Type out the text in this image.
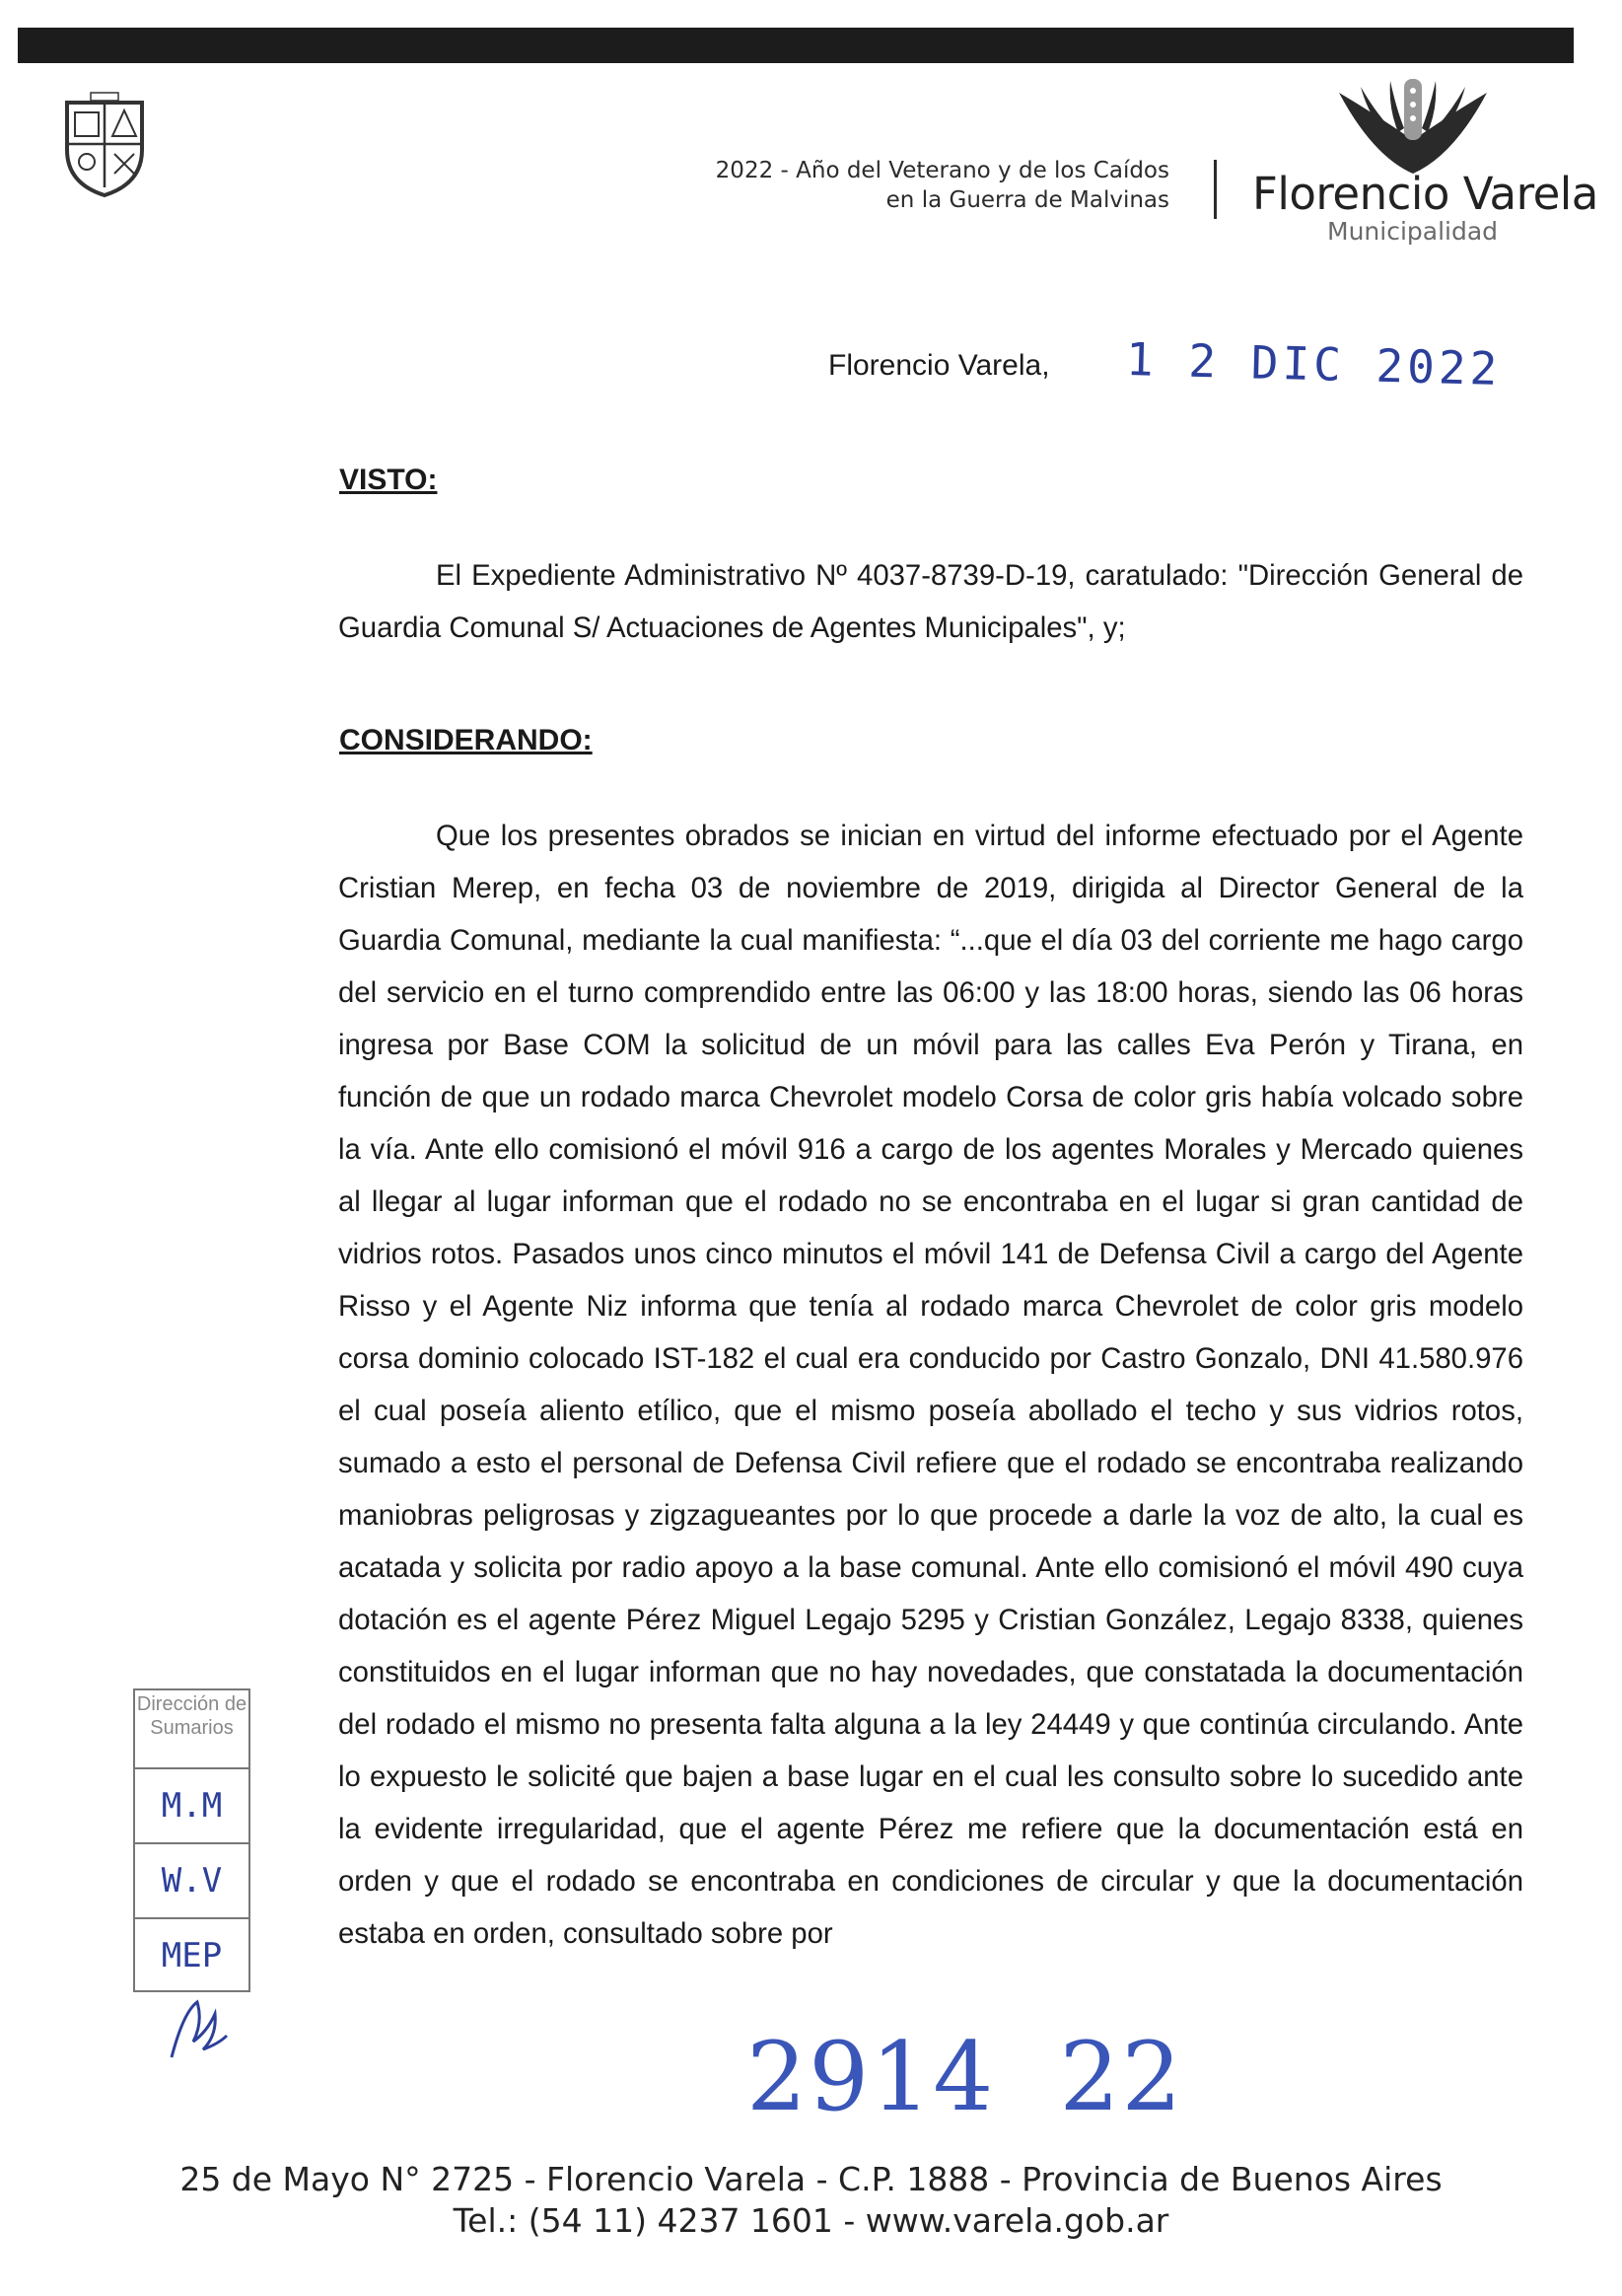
2022 - Año del Veterano y de los Caídos
en la Guerra de Malvinas Florencio Varela
Municipalidad
Florencio Varela, 1 2 DIC 2022
VISTO:

El Expediente Administrativo Nº 4037-8739-D-19, caratulado: "Dirección General de Guardia Comunal S/ Actuaciones de Agentes Municipales", y;

CONSIDERANDO:

Que los presentes obrados se inician en virtud del informe efectuado por el Agente Cristian Merep, en fecha 03 de noviembre de 2019, dirigida al Director General de la Guardia Comunal, mediante la cual manifiesta: “...que el día 03 del corriente me hago cargo del servicio en el turno comprendido entre las 06:00 y las 18:00 horas, siendo las 06 horas ingresa por Base COM la solicitud de un móvil para las calles Eva Perón y Tirana, en función de que un rodado marca Chevrolet modelo Corsa de color gris había volcado sobre la vía. Ante ello comisionó el móvil 916 a cargo de los agentes Morales y Mercado quienes al llegar al lugar informan que el rodado no se encontraba en el lugar si gran cantidad de vidrios rotos. Pasados unos cinco minutos el móvil 141 de Defensa Civil a cargo del Agente Risso y el Agente Niz informa que tenía al rodado marca Chevrolet de color gris modelo corsa dominio colocado IST-182 el cual era conducido por Castro Gonzalo, DNI 41.580.976 el cual poseía aliento etílico, que el mismo poseía abollado el techo y sus vidrios rotos, sumado a esto el personal de Defensa Civil refiere que el rodado se encontraba realizando maniobras peligrosas y zigzagueantes por lo que procede a darle la voz de alto, la cual es acatada y solicita por radio apoyo a la base comunal. Ante ello comisionó el móvil 490 cuya dotación es el agente Pérez Miguel Legajo 5295 y Cristian González, Legajo 8338, quienes constituidos en el lugar informan que no hay novedades, que constatada la documentación del rodado el mismo no presenta falta alguna a la ley 24449 y que continúa circulando. Ante lo expuesto le solicité que bajen a base lugar en el cual les consulto sobre lo sucedido ante la evidente irregularidad, que el agente Pérez me refiere que la documentación está en orden y que el rodado se encontraba en condiciones de circular y que la documentación estaba en orden, consultado sobre por

Dirección de Sumarios
M.M
W.V
MEP
2914  22
25 de Mayo N° 2725 - Florencio Varela - C.P. 1888 - Provincia de Buenos Aires
Tel.: (54 11) 4237 1601 - www.varela.gob.ar
